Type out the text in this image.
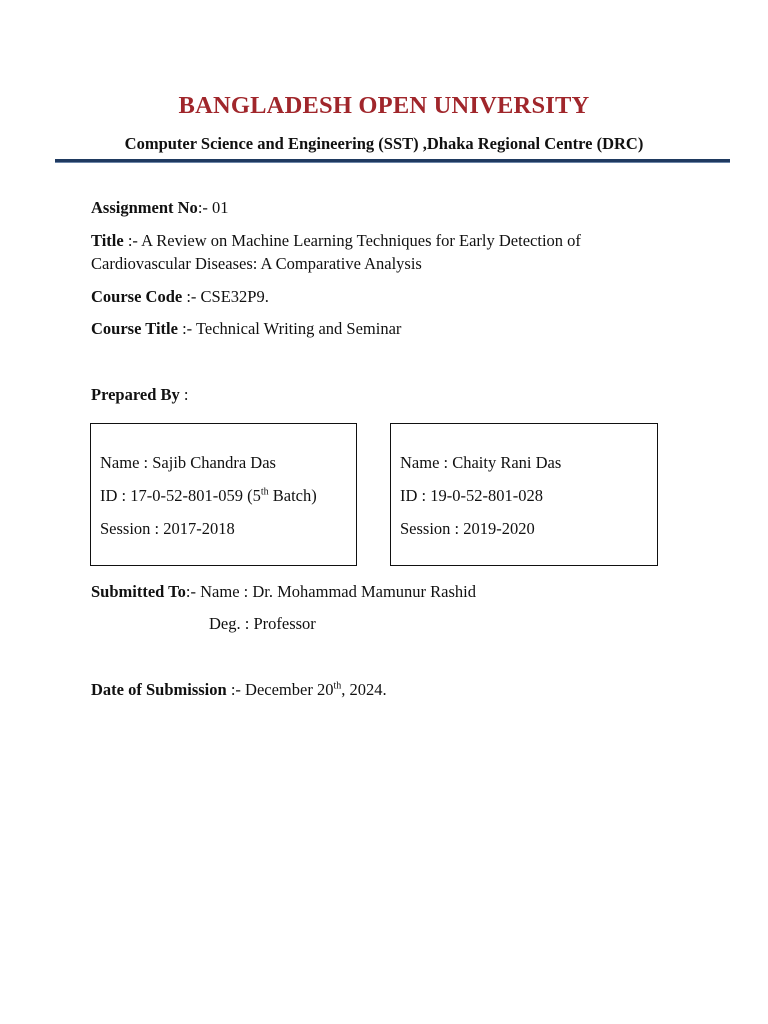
BANGLADESH OPEN UNIVERSITY
Computer Science and Engineering (SST) ,Dhaka Regional Centre (DRC)
Assignment No:- 01
Title :- A Review on Machine Learning Techniques for Early Detection of
Cardiovascular Diseases: A Comparative Analysis
Course Code :- CSE32P9.
Course Title :- Technical Writing and Seminar
Prepared By :
Name : Sajib Chandra Das
ID : 17-0-52-801-059 (5th Batch)
Session : 2017-2018
Name : Chaity Rani Das
ID : 19-0-52-801-028
Session : 2019-2020
Submitted To:- Name : Dr. Mohammad Mamunur Rashid
Deg. : Professor
Date of Submission :- December 20th, 2024.
